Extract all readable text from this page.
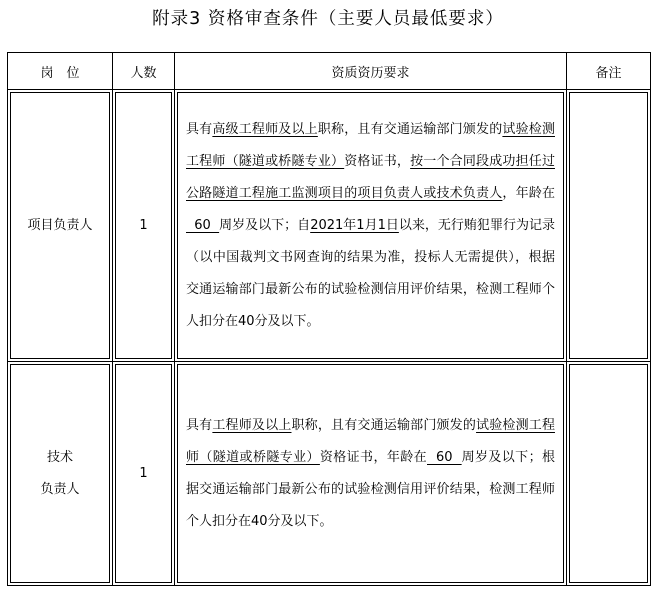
附录3 资格审查条件（主要人员最低要求）
岗　位	人数	资质资历要求	备注

项目负责人	1	具有高级工程师及以上职称，且有交通运输部门颁发的试验检测工程师（隧道或桥隧专业）资格证书，按一个合同段成功担任过公路隧道工程施工监测项目的项目负责人或技术负责人，年龄在  60  周岁及以下；自2021年1月1日以来，无行贿犯罪行为记录（以中国裁判文书网查询的结果为准，投标人无需提供），根据交通运输部门最新公布的试验检测信用评价结果，检测工程师个人扣分在40分及以下。	

技术
负责人	1	具有工程师及以上职称，且有交通运输部门颁发的试验检测工程师（隧道或桥隧专业）资格证书，年龄在  60  周岁及以下；根据交通运输部门最新公布的试验检测信用评价结果，检测工程师个人扣分在40分及以下。	
